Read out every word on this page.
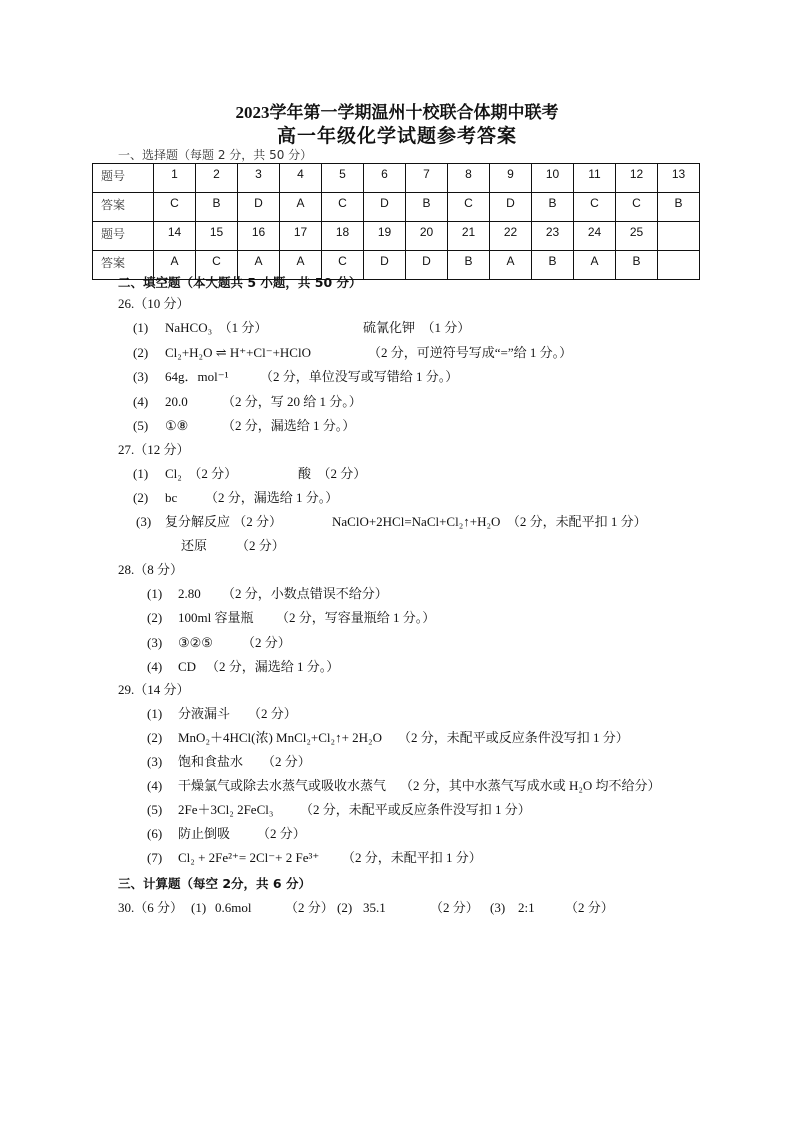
2023学年第一学期温州十校联合体期中联考
高一年级化学试题参考答案
一、选择题（每题 2 分，共 50 分）
题号	1	2	3	4	5	6	7	8	9	10	11	12	13
答案	C	B	D	A	C	D	B	C	D	B	C	C	B
题号	14	15	16	17	18	19	20	21	22	23	24	25	
答案	A	C	A	A	C	D	D	B	A	B	A	B	
二、填空题（本大题共 5 小题，共 50 分）
26.（10 分）
(1) NaHCO₃　（1 分）	硫氰化钾　（1 分）
(2) Cl₂+H₂O ⇌ H⁺+Cl⁻+HClO	（2 分，可逆符号写成“=”给 1 分。）
(3) 64g．mol⁻¹ （2 分，单位没写或写错给 1 分。）
(4) 20.0	（2 分，写 20 给 1 分。）
(5) ①⑧	（2 分，漏选给 1 分。）
27.（12 分）
(1) Cl₂　（2 分）	酸　（2 分）
(2) bc （2 分，漏选给 1 分。）
(3) 复分解反应 （2 分）	NaClO+2HCl=NaCl+Cl₂↑+H₂O　（2 分，未配平扣 1 分）
还原 （2 分）
28.（8 分）
(1) 2.80 （2 分，小数点错误不给分）
(2) 100ml 容量瓶 （2 分，写容量瓶给 1 分。）
(3) ③②⑤ （2 分）
(4) CD （2 分，漏选给 1 分。）
29.（14 分）
(1) 分液漏斗 （2 分）
(2) MnO₂＋4HCl(浓) MnCl₂+Cl₂↑+ 2H₂O （2 分，未配平或反应条件没写扣 1 分）
(3) 饱和食盐水 （2 分）
(4) 干燥氯气或除去水蒸气或吸收水蒸气 （2 分，其中水蒸气写成水或 H₂O 均不给分）
(5) 2Fe＋3Cl₂ 2FeCl₃ （2 分，未配平或反应条件没写扣 1 分）
(6) 防止倒吸 （2 分）
(7) Cl₂ + 2Fe²⁺= 2Cl⁻+ 2 Fe³⁺ （2 分，未配平扣 1 分）
三、计算题（每空 2分，共 6 分）
30.（6 分） (1) 0.6mol	（2 分） (2) 35.1	（2 分） (3) 2:1 （2 分）
